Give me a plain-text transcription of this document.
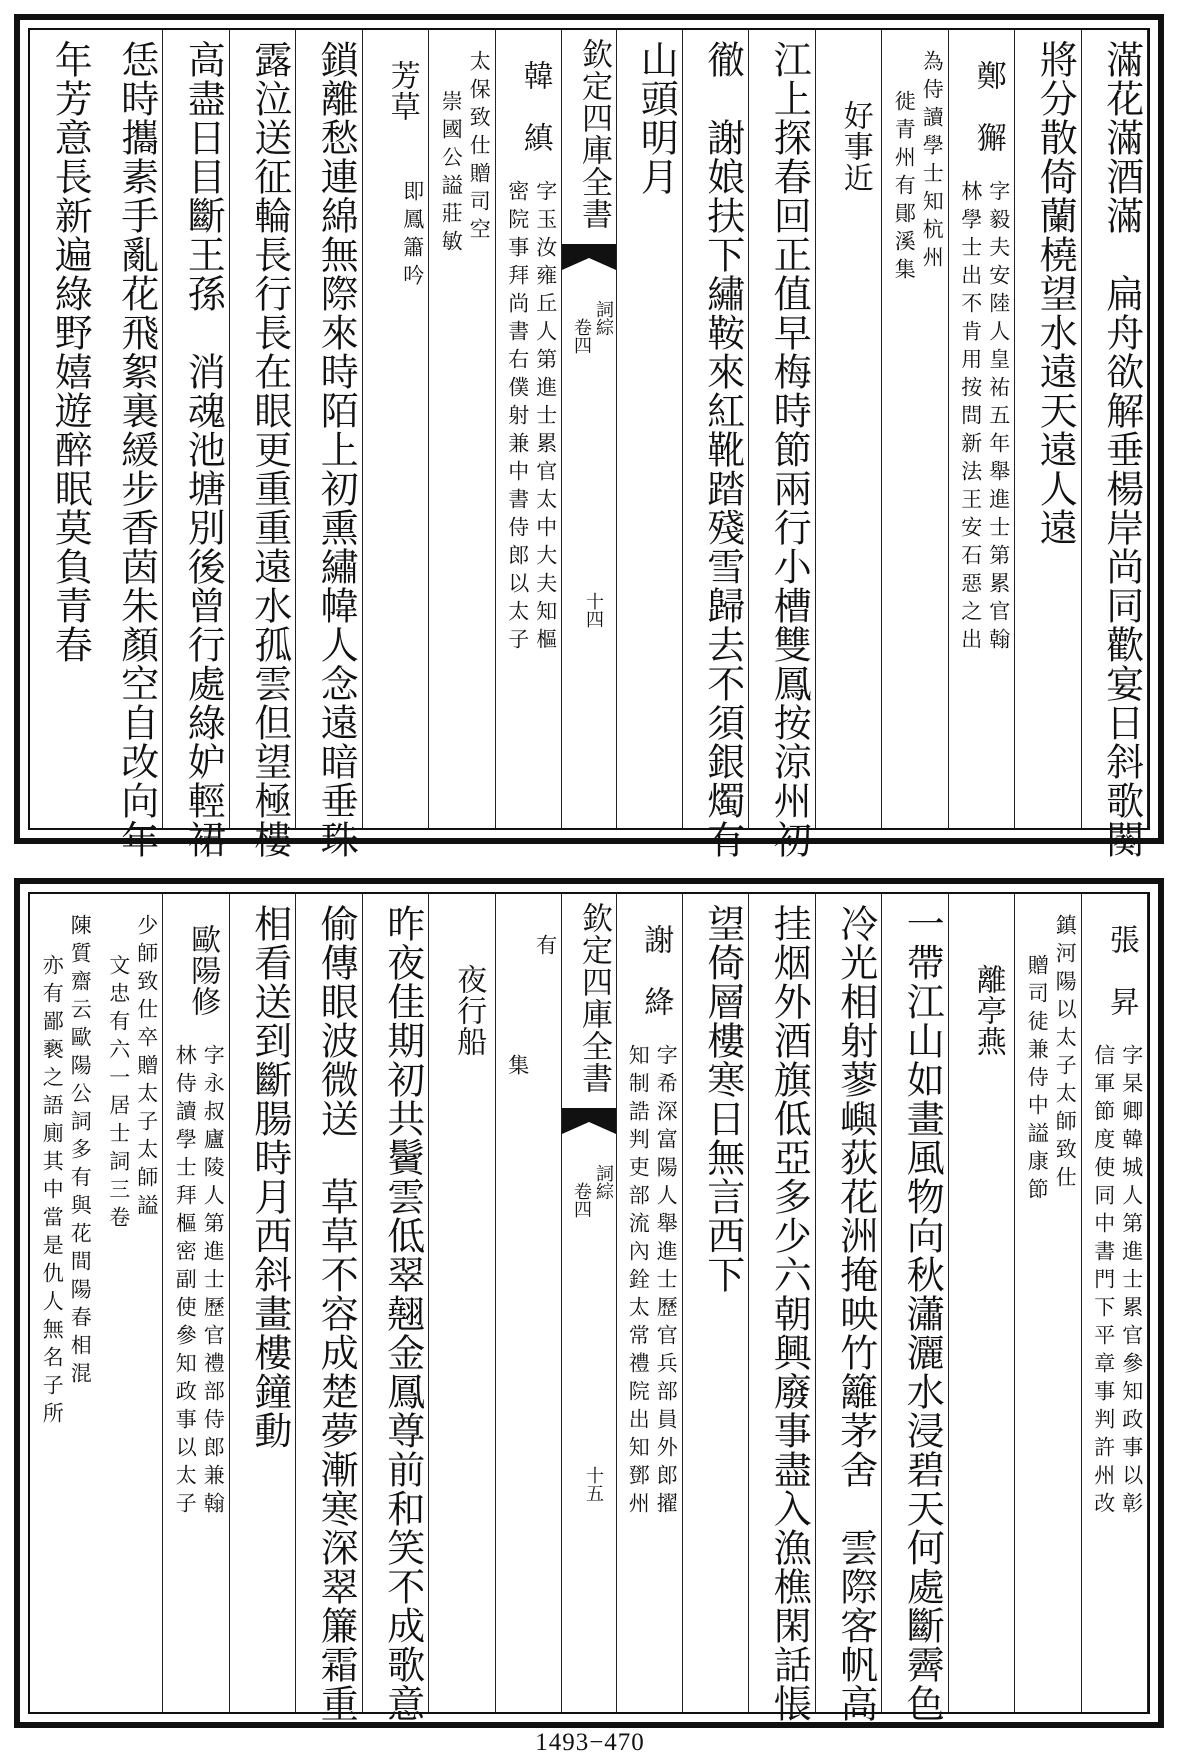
滿花滿酒滿　扁舟欲解垂楊岸尚同歡宴日斜歌闋
將分散倚蘭橈望水遠天遠人遠
鄭　獬
字毅夫安陸人皇祐五年舉進士第累官翰
林學士出不肯用按問新法王安石惡之出
為侍讀學士知杭州
徙青州有鄖溪集
好事近
江上探春回正值早梅時節兩行小槽雙鳳按涼州初
徹　謝娘扶下繡鞍來紅靴踏殘雪歸去不須銀燭有
山頭明月
欽定四庫全書
詞綜
卷四
十四
韓　縝
字玉汝雍丘人第進士累官太中大夫知樞
密院事拜尚書右僕射兼中書侍郎以太子
太保致仕贈司空
崇國公謚莊敏
芳草
即鳳簫吟
鎖離愁連綿無際來時陌上初熏繡幃人念遠暗垂珠
露泣送征輪長行長在眼更重重遠水孤雲但望極樓
高盡日目斷王孫　消魂池塘別後曾行處綠妒輕裙
恁時攜素手亂花飛絮裏緩步香茵朱顏空自改向年
年芳意長新遍綠野嬉遊醉眠莫負青春
張　昇
字杲卿韓城人第進士累官參知政事以彰
信軍節度使同中書門下平章事判許州改
鎮河陽以太子太師致仕
贈司徒兼侍中謚康節
離亭燕
一帶江山如畫風物向秋瀟灑水浸碧天何處斷霽色
冷光相射蓼嶼荻花洲掩映竹籬茅舍　雲際客帆高
挂烟外酒旗低亞多少六朝興廢事盡入漁樵閑話悵
望倚層樓寒日無言西下
謝　絳
字希深富陽人舉進士歷官兵部員外郎擢
知制誥判吏部流內銓太常禮院出知鄧州
欽定四庫全書
詞綜
卷四
十五
有
集
夜行船
昨夜佳期初共鬢雲低翠翹金鳳尊前和笑不成歌意
偷傳眼波微送　草草不容成楚夢漸寒深翠簾霜重
相看送到斷腸時月西斜畫樓鐘動
歐陽修
字永叔廬陵人第進士歷官禮部侍郎兼翰
林侍讀學士拜樞密副使參知政事以太子
少師致仕卒贈太子太師謚
文忠有六一居士詞三卷
陳質齋云歐陽公詞多有與花間陽春相混
亦有鄙褻之語廁其中當是仇人無名子所
1493−470
